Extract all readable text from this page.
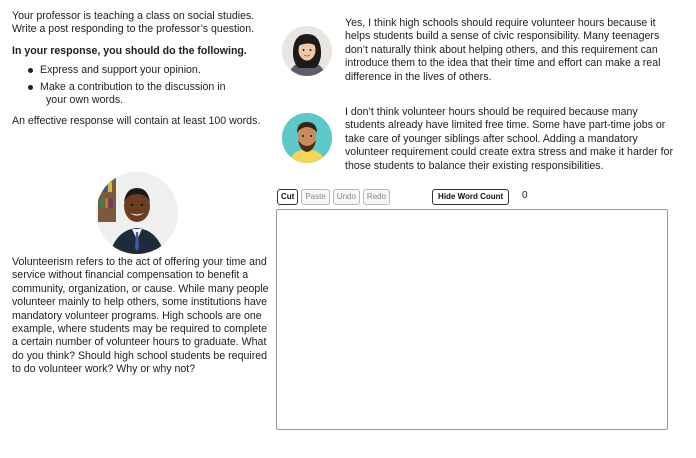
Your professor is teaching a class on social studies. Write a post responding to the professor’s question.

In your response, you should do the following.

Express and support your opinion.
Make a contribution to the discussion in
your own words.

An effective response will contain at least 100 words.

Volunteerism refers to the act of offering your time and service without financial compensation to benefit a community, organization, or cause. While many people volunteer mainly to help others, some institutions have mandatory volunteer programs. High schools are one example, where students may be required to complete a certain number of volunteer hours to graduate. What do you think? Should high school students be required to do volunteer work? Why or why not?

Yes, I think high schools should require volunteer hours because it helps students build a sense of civic responsibility. Many teenagers don’t naturally think about helping others, and this requirement can introduce them to the idea that their time and effort can make a real difference in the lives of others.

I don’t think volunteer hours should be required because many students already have limited free time. Some have part-time jobs or take care of younger siblings after school. Adding a mandatory volunteer requirement could create extra stress and make it harder for those students to balance their existing responsibilities.

Cut	Paste	Undo	Redo	Hide Word Count	0
